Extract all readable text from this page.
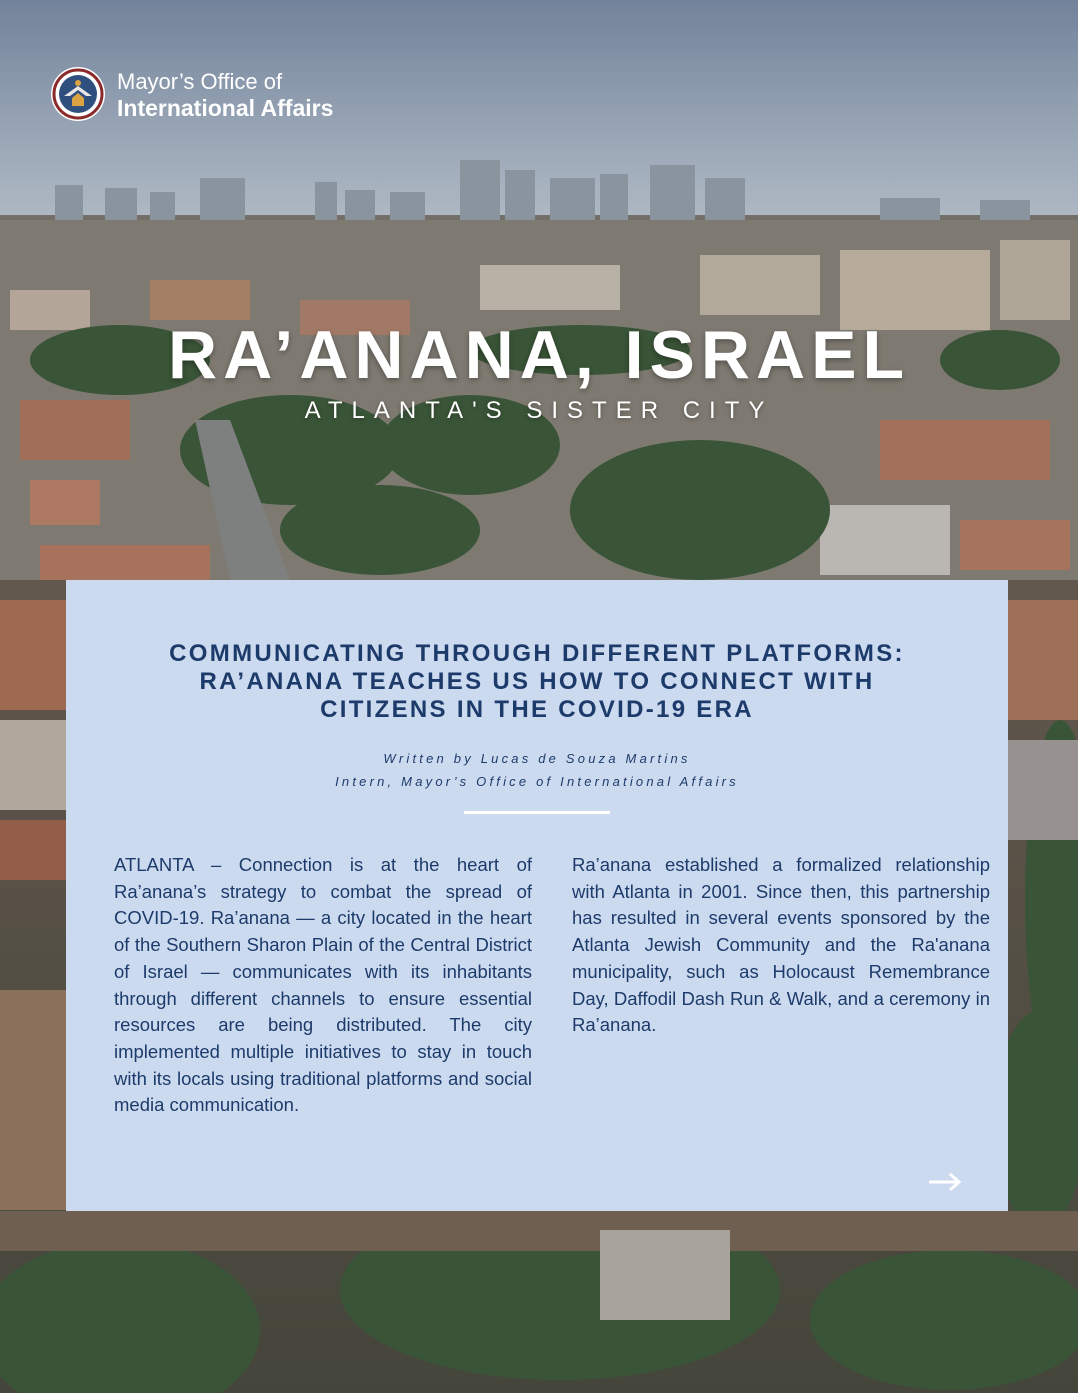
Mayor’s Office of
International Affairs
RA’ANANA, ISRAEL
ATLANTA'S SISTER CITY
COMMUNICATING THROUGH DIFFERENT PLATFORMS:
RA’ANANA TEACHES US HOW TO CONNECT WITH
CITIZENS IN THE COVID-19 ERA
Written by Lucas de Souza Martins
Intern, Mayor’s Office of International Affairs
ATLANTA – Connection is at the heart of Ra’anana’s strategy to combat the spread of COVID-19. Ra’anana — a city located in the heart of the Southern Sharon Plain of the Central District of Israel — communicates with its inhabitants through different channels to ensure essential resources are being distributed. The city implemented multiple initiatives to stay in touch with its locals using traditional platforms and social media communication.
Ra’anana established a formalized relationship with Atlanta in 2001. Since then, this partnership has resulted in several events sponsored by the Atlanta Jewish Community and the Ra'anana municipality, such as Holocaust Remembrance Day, Daffodil Dash Run & Walk, and a ceremony in Ra’anana.
